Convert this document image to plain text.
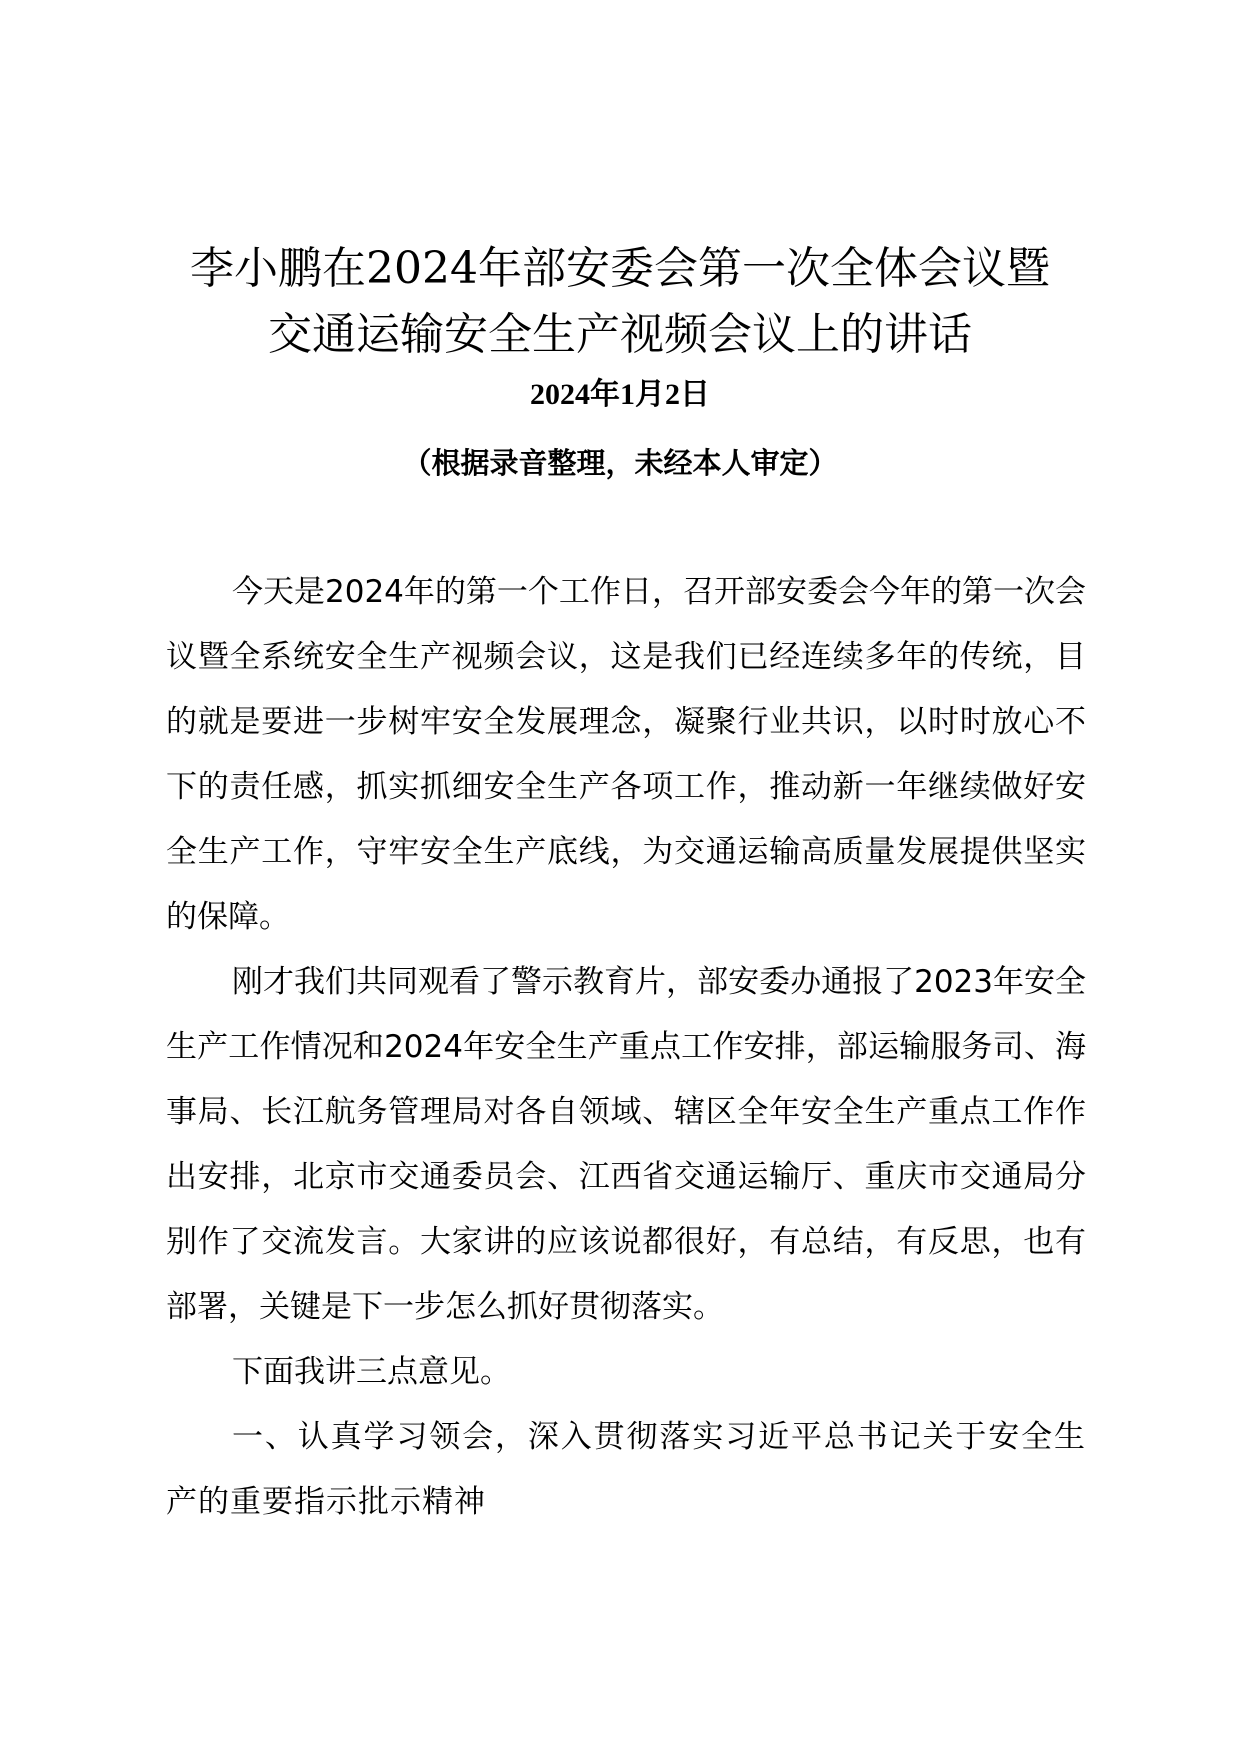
李小鹏在2024年部安委会第一次全体会议暨
交通运输安全生产视频会议上的讲话
2024年1月2日
（根据录音整理，未经本人审定）

今天是2024年的第一个工作日，召开部安委会今年的第一次会议暨全系统安全生产视频会议，这是我们已经连续多年的传统，目的就是要进一步树牢安全发展理念，凝聚行业共识，以时时放心不下的责任感，抓实抓细安全生产各项工作，推动新一年继续做好安全生产工作，守牢安全生产底线，为交通运输高质量发展提供坚实的保障。

刚才我们共同观看了警示教育片，部安委办通报了2023年安全生产工作情况和2024年安全生产重点工作安排，部运输服务司、海事局、长江航务管理局对各自领域、辖区全年安全生产重点工作作出安排，北京市交通委员会、江西省交通运输厅、重庆市交通局分别作了交流发言。大家讲的应该说都很好，有总结，有反思，也有部署，关键是下一步怎么抓好贯彻落实。

下面我讲三点意见。

一、认真学习领会，深入贯彻落实习近平总书记关于安全生产的重要指示批示精神
